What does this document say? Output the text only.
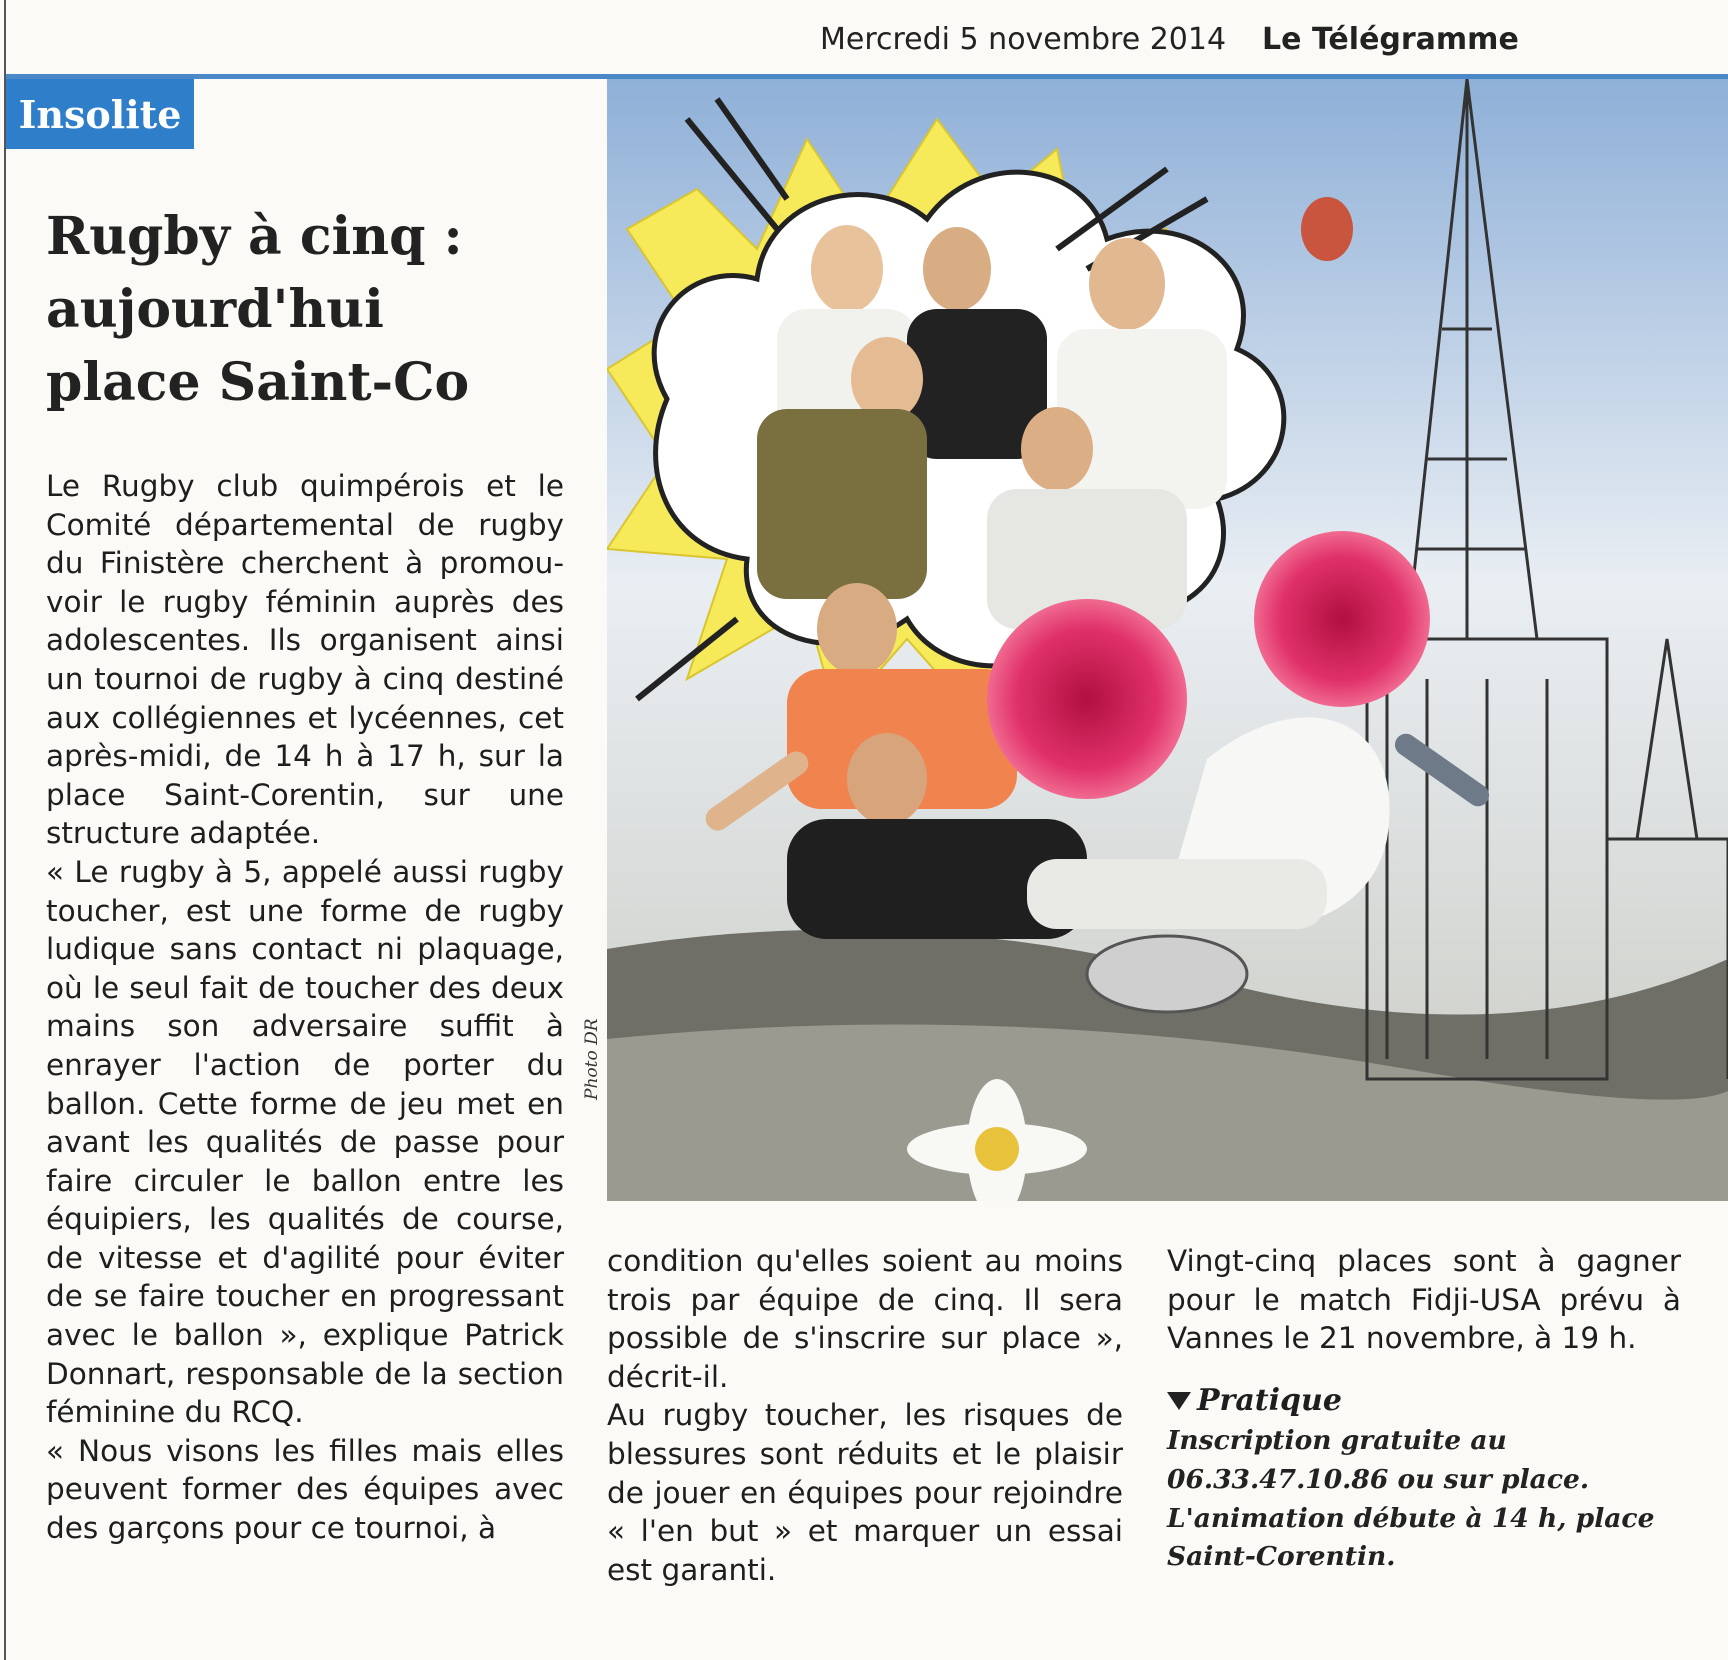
Mercredi 5 novembre 2014 Le Télégramme
Insolite
Rugby à cinq :
aujourd'hui
place Saint-Co

Le Rugby club quimpérois et le Comité départemental de rugby du Finistère cherchent à promouvoir le rugby féminin auprès des adolescentes. Ils organisent ainsi un tournoi de rugby à cinq destiné aux collégiennes et lycéennes, cet après-midi, de 14 h à 17 h, sur la place Saint-Corentin, sur une structure adaptée.

« Le rugby à 5, appelé aussi rugby toucher, est une forme de rugby ludique sans contact ni plaquage, où le seul fait de toucher des deux mains son adversaire suffit à enrayer l'action de porter du ballon. Cette forme de jeu met en avant les qualités de passe pour faire circuler le ballon entre les équipiers, les qualités de course, de vitesse et d'agilité pour éviter de se faire toucher en progressant avec le ballon », explique Patrick Donnart, responsable de la section féminine du RCQ.

« Nous visons les filles mais elles peuvent former des équipes avec des garçons pour ce tournoi, à

Photo DR

condition qu'elles soient au moins trois par équipe de cinq. Il sera possible de s'inscrire sur place », décrit-il.

Au rugby toucher, les risques de blessures sont réduits et le plaisir de jouer en équipes pour rejoindre « l'en but » et marquer un essai est garanti.

Vingt-cinq places sont à gagner pour le match Fidji-USA prévu à Vannes le 21 novembre, à 19 h.

Pratique
Inscription gratuite au 06.33.47.10.86 ou sur place. L'animation débute à 14 h, place Saint-Corentin.
